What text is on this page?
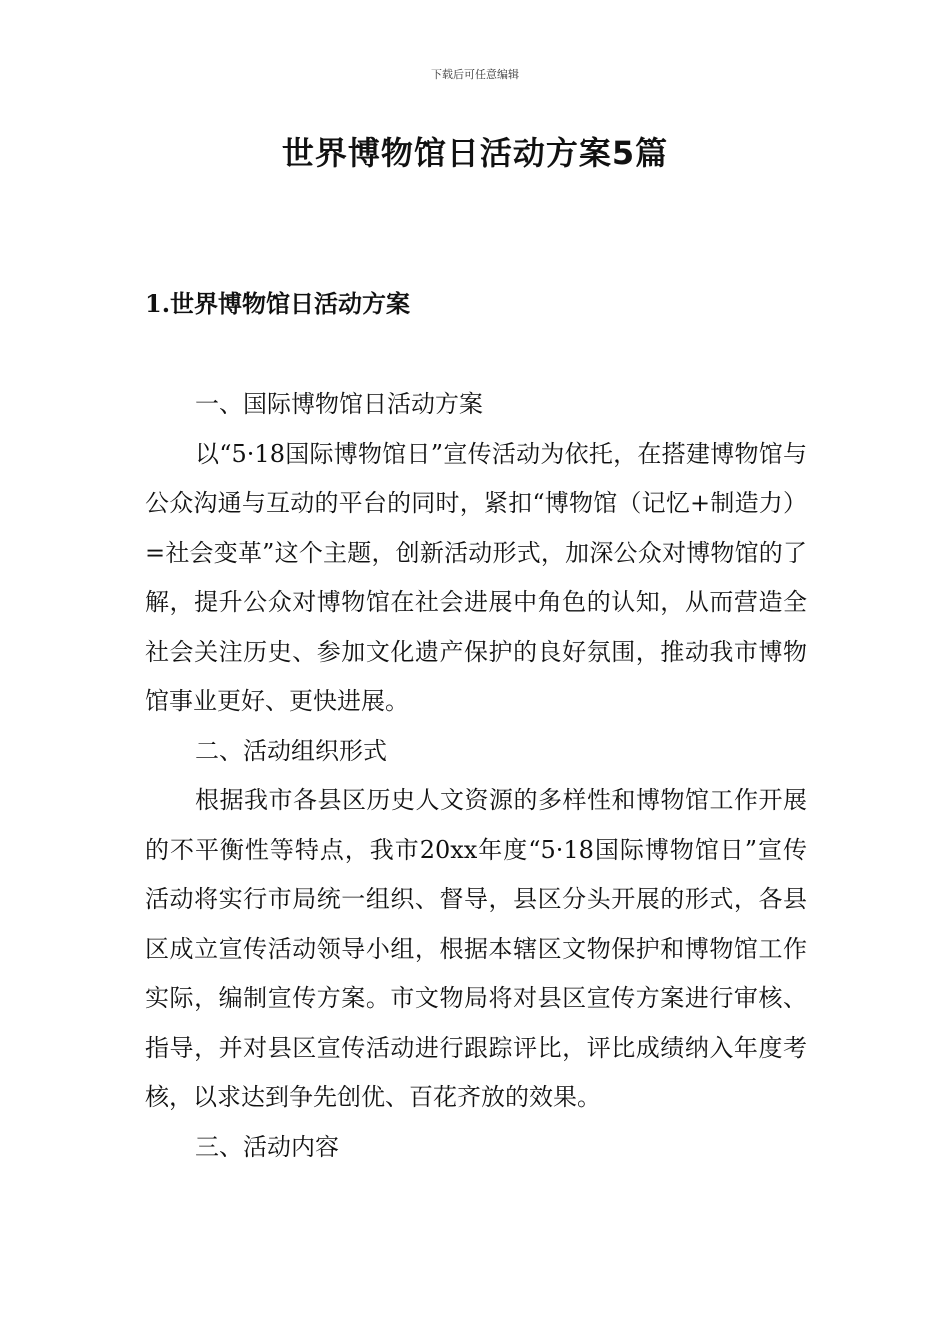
下载后可任意编辑
世界博物馆日活动方案5篇
1.世界博物馆日活动方案

一、国际博物馆日活动方案

以“5·18国际博物馆日”宣传活动为依托，在搭建博物馆与公众沟通与互动的平台的同时，紧扣“博物馆（记忆+制造力）=社会变革”这个主题，创新活动形式，加深公众对博物馆的了解，提升公众对博物馆在社会进展中角色的认知，从而营造全社会关注历史、参加文化遗产保护的良好氛围，推动我市博物馆事业更好、更快进展。

二、活动组织形式

根据我市各县区历史人文资源的多样性和博物馆工作开展的不平衡性等特点，我市20xx年度“5·18国际博物馆日”宣传活动将实行市局统一组织、督导，县区分头开展的形式，各县区成立宣传活动领导小组，根据本辖区文物保护和博物馆工作实际，编制宣传方案。市文物局将对县区宣传方案进行审核、指导，并对县区宣传活动进行跟踪评比，评比成绩纳入年度考核，以求达到争先创优、百花齐放的效果。

三、活动内容
